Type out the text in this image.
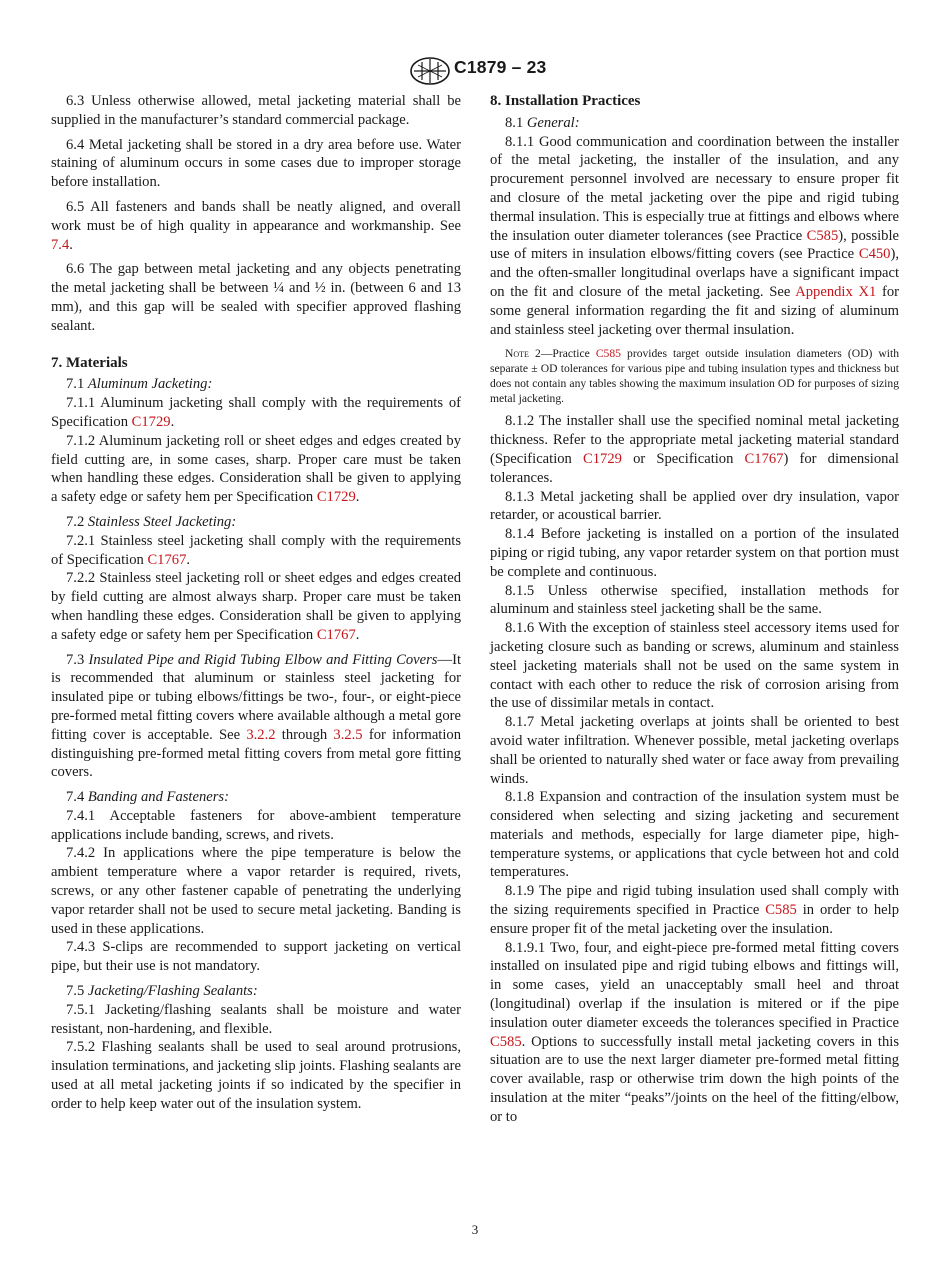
C1879 – 23

6.3 Unless otherwise allowed, metal jacketing material shall be supplied in the manufacturer’s standard commercial package.

6.4 Metal jacketing shall be stored in a dry area before use. Water staining of aluminum occurs in some cases due to improper storage before installation.

6.5 All fasteners and bands shall be neatly aligned, and overall work must be of high quality in appearance and workmanship. See 7.4.

6.6 The gap between metal jacketing and any objects penetrating the metal jacketing shall be between ¼ and ½ in. (between 6 and 13 mm), and this gap will be sealed with specifier approved flashing sealant.

7. Materials

7.1 Aluminum Jacketing:

7.1.1 Aluminum jacketing shall comply with the requirements of Specification C1729.

7.1.2 Aluminum jacketing roll or sheet edges and edges created by field cutting are, in some cases, sharp. Proper care must be taken when handling these edges. Consideration shall be given to applying a safety edge or safety hem per Specification C1729.

7.2 Stainless Steel Jacketing:

7.2.1 Stainless steel jacketing shall comply with the requirements of Specification C1767.

7.2.2 Stainless steel jacketing roll or sheet edges and edges created by field cutting are almost always sharp. Proper care must be taken when handling these edges. Consideration shall be given to applying a safety edge or safety hem per Specification C1767.

7.3 Insulated Pipe and Rigid Tubing Elbow and Fitting Covers—It is recommended that aluminum or stainless steel jacketing for insulated pipe or tubing elbows/fittings be two-, four-, or eight-piece pre-formed metal fitting covers where available although a metal gore fitting cover is acceptable. See 3.2.2 through 3.2.5 for information distinguishing pre-formed metal fitting covers from metal gore fitting covers.

7.4 Banding and Fasteners:

7.4.1 Acceptable fasteners for above-ambient temperature applications include banding, screws, and rivets.

7.4.2 In applications where the pipe temperature is below the ambient temperature where a vapor retarder is required, rivets, screws, or any other fastener capable of penetrating the underlying vapor retarder shall not be used to secure metal jacketing. Banding is used in these applications.

7.4.3 S-clips are recommended to support jacketing on vertical pipe, but their use is not mandatory.

7.5 Jacketing/Flashing Sealants:

7.5.1 Jacketing/flashing sealants shall be moisture and water resistant, non-hardening, and flexible.

7.5.2 Flashing sealants shall be used to seal around protrusions, insulation terminations, and jacketing slip joints. Flashing sealants are used at all metal jacketing joints if so indicated by the specifier in order to help keep water out of the insulation system.

8. Installation Practices

8.1 General:

8.1.1 Good communication and coordination between the installer of the metal jacketing, the installer of the insulation, and any procurement personnel involved are necessary to ensure proper fit and closure of the metal jacketing over the pipe and rigid tubing thermal insulation. This is especially true at fittings and elbows where the insulation outer diameter tolerances (see Practice C585), possible use of miters in insulation elbows/fitting covers (see Practice C450), and the often-smaller longitudinal overlaps have a significant impact on the fit and closure of the metal jacketing. See Appendix X1 for some general information regarding the fit and sizing of aluminum and stainless steel jacketing over thermal insulation.

Note 2—Practice C585 provides target outside insulation diameters (OD) with separate ± OD tolerances for various pipe and tubing insulation types and thickness but does not contain any tables showing the maximum insulation OD for purposes of sizing metal jacketing.

8.1.2 The installer shall use the specified nominal metal jacketing thickness. Refer to the appropriate metal jacketing material standard (Specification C1729 or Specification C1767) for dimensional tolerances.

8.1.3 Metal jacketing shall be applied over dry insulation, vapor retarder, or acoustical barrier.

8.1.4 Before jacketing is installed on a portion of the insulated piping or rigid tubing, any vapor retarder system on that portion must be complete and continuous.

8.1.5 Unless otherwise specified, installation methods for aluminum and stainless steel jacketing shall be the same.

8.1.6 With the exception of stainless steel accessory items used for jacketing closure such as banding or screws, aluminum and stainless steel jacketing materials shall not be used on the same system in contact with each other to reduce the risk of corrosion arising from the use of dissimilar metals in contact.

8.1.7 Metal jacketing overlaps at joints shall be oriented to best avoid water infiltration. Whenever possible, metal jacketing overlaps shall be oriented to naturally shed water or face away from prevailing winds.

8.1.8 Expansion and contraction of the insulation system must be considered when selecting and sizing jacketing and securement materials and methods, especially for large diameter pipe, high-temperature systems, or applications that cycle between hot and cold temperatures.

8.1.9 The pipe and rigid tubing insulation used shall comply with the sizing requirements specified in Practice C585 in order to help ensure proper fit of the metal jacketing over the insulation.

8.1.9.1 Two, four, and eight-piece pre-formed metal fitting covers installed on insulated pipe and rigid tubing elbows and fittings will, in some cases, yield an unacceptably small heel and throat (longitudinal) overlap if the insulation is mitered or if the pipe insulation outer diameter exceeds the tolerances specified in Practice C585. Options to successfully install metal jacketing covers in this situation are to use the next larger diameter pre-formed metal fitting cover available, rasp or otherwise trim down the high points of the insulation at the miter “peaks”/joints on the heel of the fitting/elbow, or to

3
